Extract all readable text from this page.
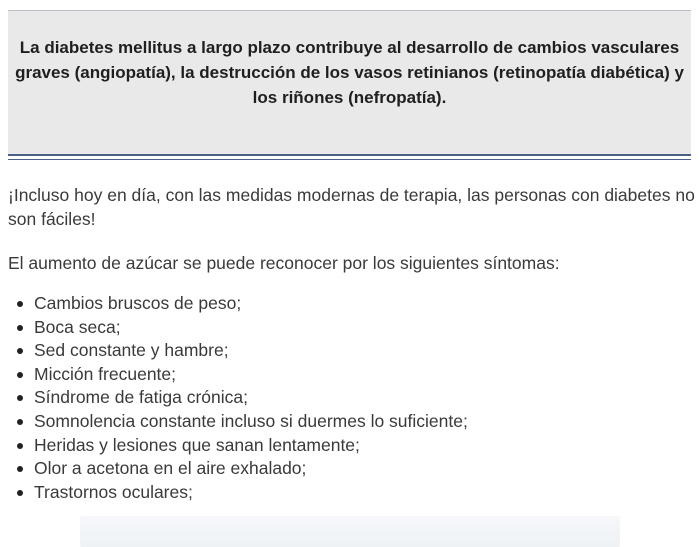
La diabetes mellitus a largo plazo contribuye al desarrollo de cambios vasculares graves (angiopatía), la destrucción de los vasos retinianos (retinopatía diabética) y los riñones (nefropatía).
¡Incluso hoy en día, con las medidas modernas de terapia, las personas con diabetes no son fáciles!
El aumento de azúcar se puede reconocer por los siguientes síntomas:
Cambios bruscos de peso;
Boca seca;
Sed constante y hambre;
Micción frecuente;
Síndrome de fatiga crónica;
Somnolencia constante incluso si duermes lo suficiente;
Heridas y lesiones que sanan lentamente;
Olor a acetona en el aire exhalado;
Trastornos oculares;
